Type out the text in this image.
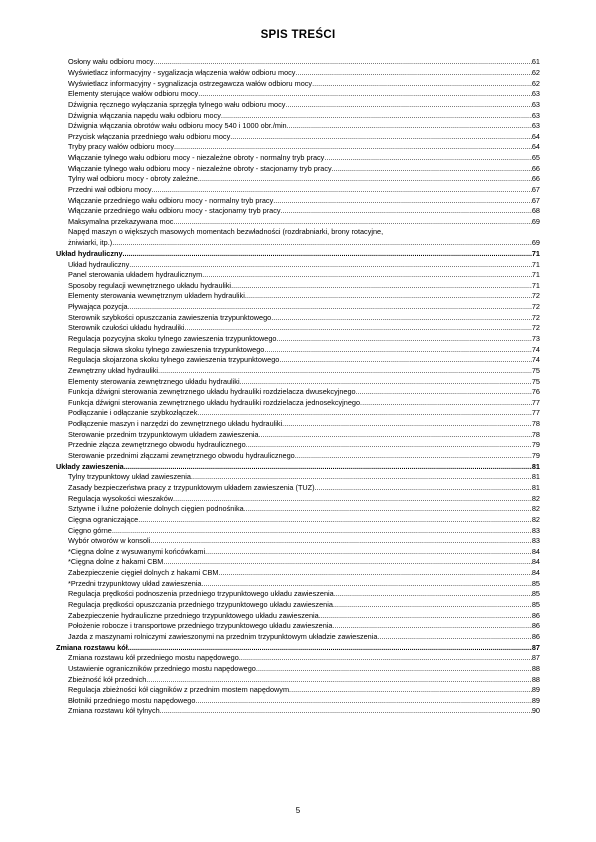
SPIS TREŚCI
Osłony wału odbioru mocy .....	61
Wyświetlacz informacyjny - sygalizacja włączenia wałów odbioru mocy .....	62
Wyświetlacz informacyjny - sygnalizacja ostrzegawcza wałów odbioru mocy .....	62
Elementy sterujące wałów odbioru mocy .....	63
Dźwignia ręcznego wyłączania sprzęgła tylnego wału odbioru mocy .....	63
Dźwignia włączania napędu wału odbioru mocy .....	63
Dźwignia włączania obrotów wału odbioru mocy 540 i 1000 obr./min .....	63
Przycisk włączania przedniego wału odbioru mocy .....	64
Tryby pracy wałów odbioru mocy .....	64
Włączanie tylnego wału odbioru mocy - niezależne obroty - normalny tryb pracy .....	65
Włączanie tylnego wału odbioru mocy - niezależne obroty - stacjonarny tryb pracy .....	66
Tylny wał odbioru mocy - obroty zależne .....	66
Przedni wał odbioru mocy .....	67
Włączanie przedniego wału odbioru mocy - normalny tryb pracy .....	67
Włączanie przedniego wału odbioru mocy - stacjonarny tryb pracy .....	68
Maksymalna przekazywana moc .....	69
Napęd maszyn o większych masowych momentach bezwładności (rozdrabniarki, brony rotacyjne,
żniwiarki, itp.) .....	69
Układ hydrauliczny .....	71
Układ hydrauliczny .....	71
Panel sterowania układem hydraulicznym .....	71
Sposoby regulacji wewnętrznego układu hydrauliki .....	71
Elementy sterowania wewnętrznym układem hydrauliki .....	72
Pływająca pozycja .....	72
Sterownik szybkości opuszczania zawieszenia trzypunktowego .....	72
Sterownik czułości układu hydrauliki .....	72
Regulacja pozycyjna skoku tylnego zawieszenia trzypunktowego .....	73
Regulacja siłowa skoku tylnego zawieszenia trzypunktowego .....	74
Regulacja skojarzona skoku tylnego zawieszenia trzypunktowego .....	74
Zewnętrzny układ hydrauliki .....	75
Elementy sterowania zewnętrznego układu hydrauliki .....	75
Funkcja dźwigni sterowania zewnętrznego układu hydrauliki rozdzielacza dwusekcyjnego .....	76
Funkcja dźwigni sterowania zewnętrznego układu hydrauliki rozdzielacza jednosekcyjnego .....	77
Podłączanie i odłączanie szybkozłączek .....	77
Podłączenie maszyn i narzędzi do zewnętrznego układu hydrauliki .....	78
Sterowanie przednim trzypunktowym układem zawieszenia .....	78
Przednie złącza zewnętrznego obwodu hydraulicznego .....	79
Sterowanie przednimi złączami zewnętrznego obwodu hydraulicznego .....	79
Układy zawieszenia .....	81
Tylny trzypunktowy układ zawieszenia .....	81
Zasady bezpieczeństwa pracy z trzypunktowym układem zawieszenia (TUZ) .....	81
Regulacja wysokości wieszaków .....	82
Sztywne i luźne położenie dolnych cięgien podnośnika .....	82
Cięgna ograniczające .....	82
Cięgno górne .....	83
Wybór otworów w konsoli .....	83
*Cięgna dolne z wysuwanymi końcówkami .....	84
*Cięgna dolne z hakami CBM .....	84
Zabezpieczenie cięgieł dolnych z hakami CBM .....	84
*Przedni trzypunktowy układ zawieszenia .....	85
Regulacja prędkości podnoszenia przedniego trzypunktowego układu zawieszenia .....	85
Regulacja prędkości opuszczania przedniego trzypunktowego układu zawieszenia .....	85
Zabezpieczenie hydrauliczne przedniego trzypunktowego układu zawieszenia .....	86
Położenie robocze i transportowe przedniego trzypunktowego układu zawieszenia .....	86
Jazda z maszynami rolniczymi zawieszonymi na przednim trzypunktowym układzie zawieszenia .....	86
Zmiana rozstawu kół .....	87
Zmiana rozstawu kół przedniego mostu napędowego .....	87
Ustawienie ograniczników przedniego mostu napędowego .....	88
Zbieżność kół przednich .....	88
Regulacja zbieżności kół ciągników z przednim mostem napędowym .....	89
Błotniki przedniego mostu napędowego .....	89
Zmiana rozstawu kół tylnych .....	90
5
